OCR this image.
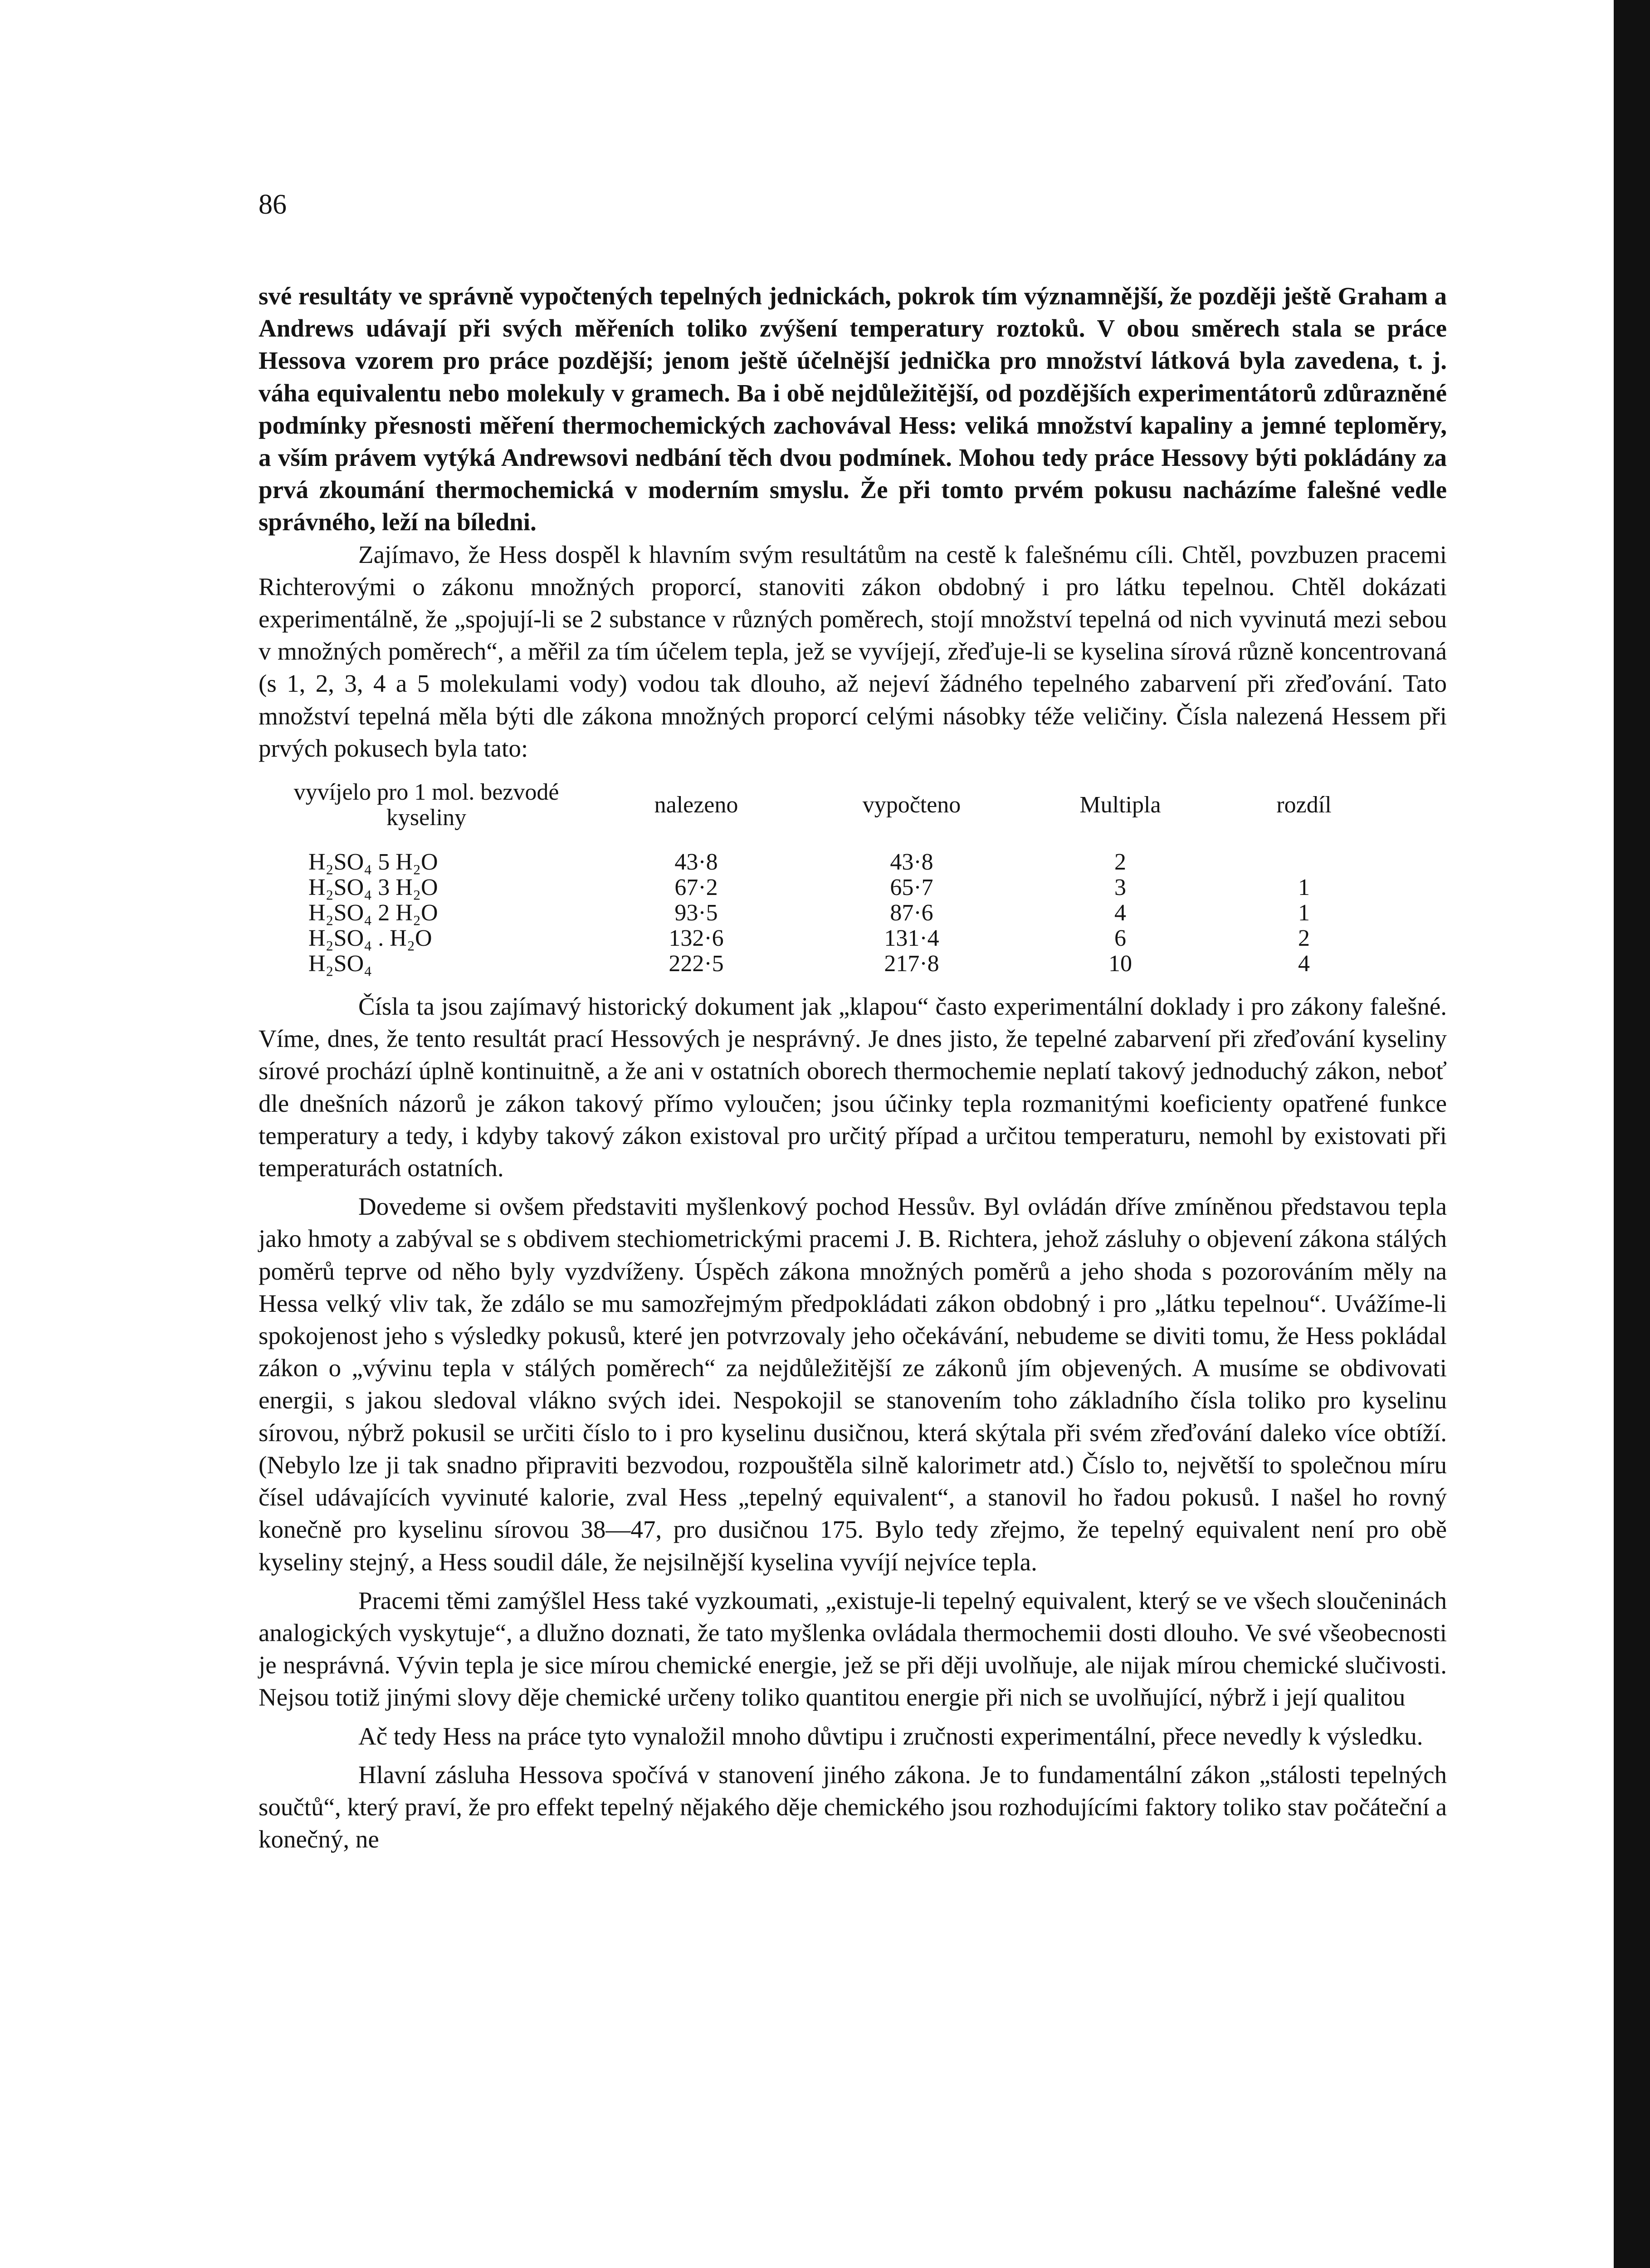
86

své resultáty ve správně vypočtených tepelných jednickách, pokrok tím významnější, že později ještě Graham a Andrews udávají při svých měřeních toliko zvýšení temperatury roztoků. V obou směrech stala se práce Hessova vzorem pro práce pozdější; jenom ještě účelnější jednička pro množství látková byla zavedena, t. j. váha equivalentu nebo molekuly v gramech. Ba i obě nejdůležitější, od pozdějších experimentátorů zdůrazněné podmínky přesnosti měření thermochemických zachovával Hess: veliká množství kapaliny a jemné teploměry, a vším právem vytýká Andrewsovi nedbání těch dvou podmínek. Mohou tedy práce Hessovy býti pokládány za prvá zkoumání thermochemická v moderním smyslu. Že při tomto prvém pokusu nacházíme falešné vedle správného, leží na bíledni.

Zajímavo, že Hess dospěl k hlavním svým resultátům na cestě k falešnému cíli. Chtěl, povzbuzen pracemi Richterovými o zákonu množných proporcí, stanoviti zákon obdobný i pro látku tepelnou. Chtěl dokázati experimentálně, že „spojují-li se 2 substance v různých poměrech, stojí množství tepelná od nich vyvinutá mezi sebou v množných poměrech“, a měřil za tím účelem tepla, jež se vyvíjejí, zřeďuje-li se kyselina sírová různě koncentrovaná (s 1, 2, 3, 4 a 5 molekulami vody) vodou tak dlouho, až nejeví žádného tepelného zabarvení při zřeďování. Tato množství tepelná měla býti dle zákona množných proporcí celými násobky téže veličiny. Čísla nalezená Hessem při prvých pokusech byla tato:

vyvíjelo pro 1 mol. bezvodé kyseliny	nalezeno	vypočteno	Multipla	rozdíl
H₂SO₄ 5 H₂O	43·8	43·8	2	
H₂SO₄ 3 H₂O	67·2	65·7	3	1
H₂SO₄ 2 H₂O	93·5	87·6	4	1
H₂SO₄ . H₂O	132·6	131·4	6	2
H₂SO₄	222·5	217·8	10	4

Čísla ta jsou zajímavý historický dokument jak „klapou“ často experimentální doklady i pro zákony falešné. Víme, dnes, že tento resultát prací Hessových je nesprávný. Je dnes jisto, že tepelné zabarvení při zřeďování kyseliny sírové prochází úplně kontinuitně, a že ani v ostatních oborech thermochemie neplatí takový jednoduchý zákon, neboť dle dnešních názorů je zákon takový přímo vyloučen; jsou účinky tepla rozmanitými koeficienty opatřené funkce temperatury a tedy, i kdyby takový zákon existoval pro určitý případ a určitou temperaturu, nemohl by existovati při temperaturách ostatních.

Dovedeme si ovšem představiti myšlenkový pochod Hessův. Byl ovládán dříve zmíněnou představou tepla jako hmoty a zabýval se s obdivem stechiometrickými pracemi J. B. Richtera, jehož zásluhy o objevení zákona stálých poměrů teprve od něho byly vyzdvíženy. Úspěch zákona množných poměrů a jeho shoda s pozorováním měly na Hessa velký vliv tak, že zdálo se mu samozřejmým předpokládati zákon obdobný i pro „látku tepelnou“. Uvážíme-li spokojenost jeho s výsledky pokusů, které jen potvrzovaly jeho očekávání, nebudeme se diviti tomu, že Hess pokládal zákon o „vývinu tepla v stálých poměrech“ za nejdůležitější ze zákonů jím objevených. A musíme se obdivovati energii, s jakou sledoval vlákno svých idei. Nespokojil se stanovením toho základního čísla toliko pro kyselinu sírovou, nýbrž pokusil se určiti číslo to i pro kyselinu dusičnou, která skýtala při svém zřeďování daleko více obtíží. (Nebylo lze ji tak snadno připraviti bezvodou, rozpouštěla silně kalorimetr atd.) Číslo to, největší to společnou míru čísel udávajících vyvinuté kalorie, zval Hess „tepelný equivalent“, a stanovil ho řadou pokusů. I našel ho rovný konečně pro kyselinu sírovou 38—47, pro dusičnou 175. Bylo tedy zřejmo, že tepelný equivalent není pro obě kyseliny stejný, a Hess soudil dále, že nejsilnější kyselina vyvíjí nejvíce tepla.

Pracemi těmi zamýšlel Hess také vyzkoumati, „existuje-li tepelný equivalent, který se ve všech sloučeninách analogických vyskytuje“, a dlužno doznati, že tato myšlenka ovládala thermochemii dosti dlouho. Ve své všeobecnosti je nesprávná. Vývin tepla je sice mírou chemické energie, jež se při ději uvolňuje, ale nijak mírou chemické slučivosti. Nejsou totiž jinými slovy děje chemické určeny toliko quantitou energie při nich se uvolňující, nýbrž i její qualitou

Ač tedy Hess na práce tyto vynaložil mnoho důvtipu i zručnosti experimentální, přece nevedly k výsledku.

Hlavní zásluha Hessova spočívá v stanovení jiného zákona. Je to fundamentální zákon „stálosti tepelných součtů“, který praví, že pro effekt tepelný nějakého děje chemického jsou rozhodujícími faktory toliko stav počáteční a konečný, ne
